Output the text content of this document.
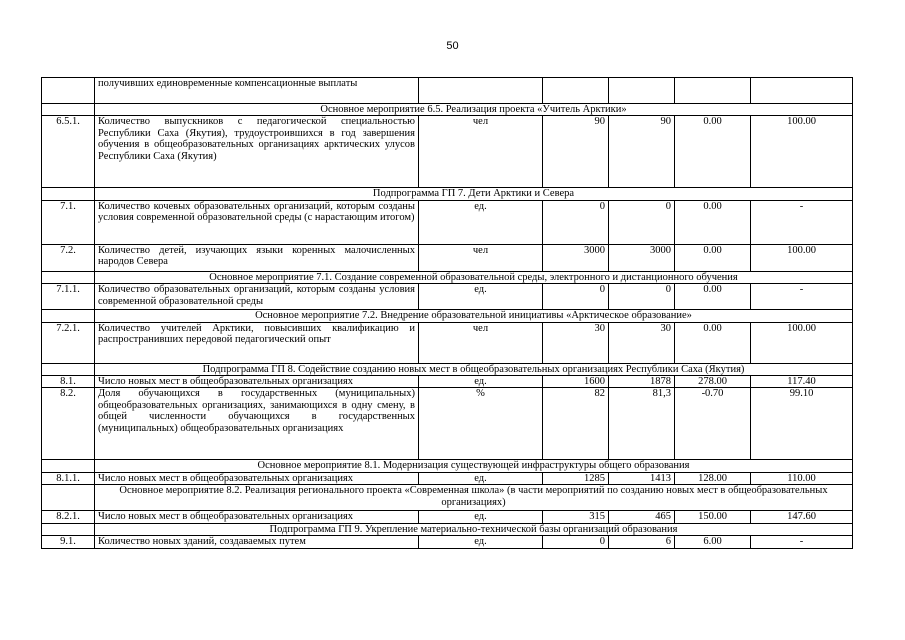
50
	получивших единовременные компенсационные выплаты					
	Основное мероприятие 6.5. Реализация проекта «Учитель Арктики»					
6.5.1.	Количество выпускников с педагогической специальностью Республики Саха (Якутия), трудоустроившихся в год завершения обучения в общеобразовательных организациях арктических улусов Республики Саха (Якутия)	чел	90	90	0.00	100.00
	Подпрограмма ГП 7. Дети Арктики и Севера					
7.1.	Количество кочевых образовательных организаций, которым созданы условия современной образовательной среды (с нарастающим итогом)	ед.	0	0	0.00	-
7.2.	Количество детей, изучающих языки коренных малочисленных народов Севера	чел	3000	3000	0.00	100.00
	Основное мероприятие 7.1. Создание современной образовательной среды, электронного и дистанционного обучения					
7.1.1.	Количество образовательных организаций, которым созданы условия современной образовательной среды	ед.	0	0	0.00	-
	Основное мероприятие 7.2. Внедрение образовательной инициативы «Арктическое образование»					
7.2.1.	Количество учителей Арктики, повысивших квалификацию и распространивших передовой педагогический опыт	чел	30	30	0.00	100.00
	Подпрограмма ГП 8. Содействие созданию новых мест в общеобразовательных организациях Республики Саха (Якутия)					
8.1.	Число новых мест в общеобразовательных организациях	ед.	1600	1878	278.00	117.40
8.2.	Доля обучающихся в государственных (муниципальных) общеобразовательных организациях, занимающихся в одну смену, в общей численности обучающихся в государственных (муниципальных) общеобразовательных организациях	%	82	81,3	-0.70	99.10
	Основное мероприятие 8.1. Модернизация существующей инфраструктуры общего образования					
8.1.1.	Число новых мест в общеобразовательных организациях	ед.	1285	1413	128.00	110.00
	Основное мероприятие 8.2. Реализация регионального проекта «Современная школа» (в части мероприятий по созданию новых мест в общеобразовательных организациях)					
8.2.1.	Число новых мест в общеобразовательных организациях	ед.	315	465	150.00	147.60
	Подпрограмма ГП 9. Укрепление материально-технической базы организаций образования					
9.1.	Количество новых зданий, создаваемых путем	ед.	0	6	6.00	-
